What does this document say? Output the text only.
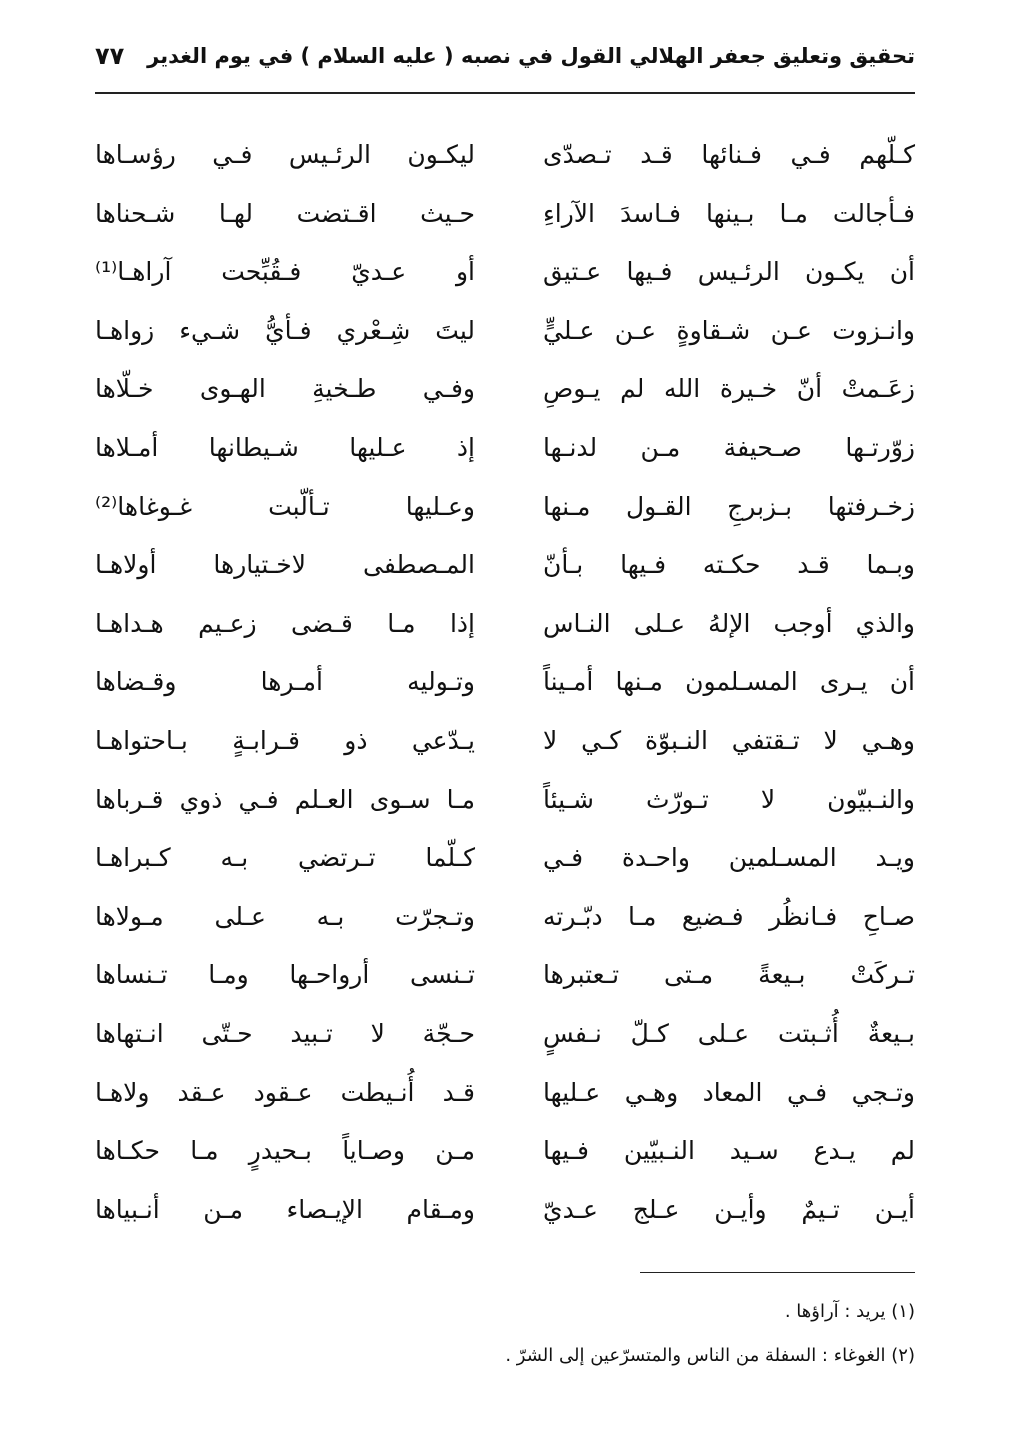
تحقيق وتعليق جعفر الهلالي القول في نصبه ( عليه السلام ) في يوم الغدير
٧٧
كـلّهم فـي فـنائها قـد تـصدّى
ليكـون الرئـيس فـي رؤسـاها
فـأجالت مـا بـينها فـاسدَ الآراءِ
حـيث اقـتضت لهـا شـحناها
أن يكـون الرئـيس فـيها عـتيق
أو عـديّ فـقُبِّحت آراهـا⁽¹⁾
وانـزوت عـن شـقاوةٍ عـن عـليٍّ
ليتَ شِـعْري فـأيُّ شـيء زواهـا
زعَـمتْ أنّ خـيرة الله لم يـوصِ
وفـي طـخيةِ الهـوى خـلّاها
زوّرتـها صـحيفة مـن لدنـها
إذ عـليها شـيطانها أمـلاها
زخـرفتها بـزبرجِ القـول مـنها
وعـليها تـألّبت غـوغاها⁽²⁾
وبـما قـد حكـته فـيها بـأنّ
المـصطفى لاخـتيارها أولاهـا
والذي أوجب الإلهُ عـلى النـاس
إذا مـا قـضى زعـيم هـداهـا
أن يـرى المسـلمون مـنها أمـيناً
وتـوليه أمـرها وقـضاها
وهـي لا تـقتفي النـبوّة كـي لا
يـدّعي ذو قـرابـةٍ بـاحتواهـا
والنـبيّون لا تـورّث شـيئاً
مـا سـوى العـلم فـي ذوي قـرباها
ويـد المسـلمين واحـدة فـي
كـلّما تـرتضي بـه كـبراهـا
صـاحِ فـانظُر فـضيع مـا دبّـرته
وتـجرّت بـه عـلى مـولاها
تـركَتْ بـيعةً مـتى تـعتبرها
تـنسى أرواحـها ومـا تـنساها
بـيعةٌ أُثـبتت عـلى كـلّ نـفسٍ
حـجّة لا تـبيد حـتّى انـتهاها
وتـجي فـي المعاد وهـي عـليها
قـد أُنـيطت عـقود عـقد ولاهـا
لم يـدع سـيد النـبيّين فـيها
مـن وصـاياً بـحيدرٍ مـا حكـاها
أيـن تـيمٌ وأيـن عـلج عـديّ
ومـقام الإيـصاء مـن أنـبياها
(١) يريد : آراؤها .
(٢) الغوغاء : السفلة من الناس والمتسرّعين إلى الشرّ .
